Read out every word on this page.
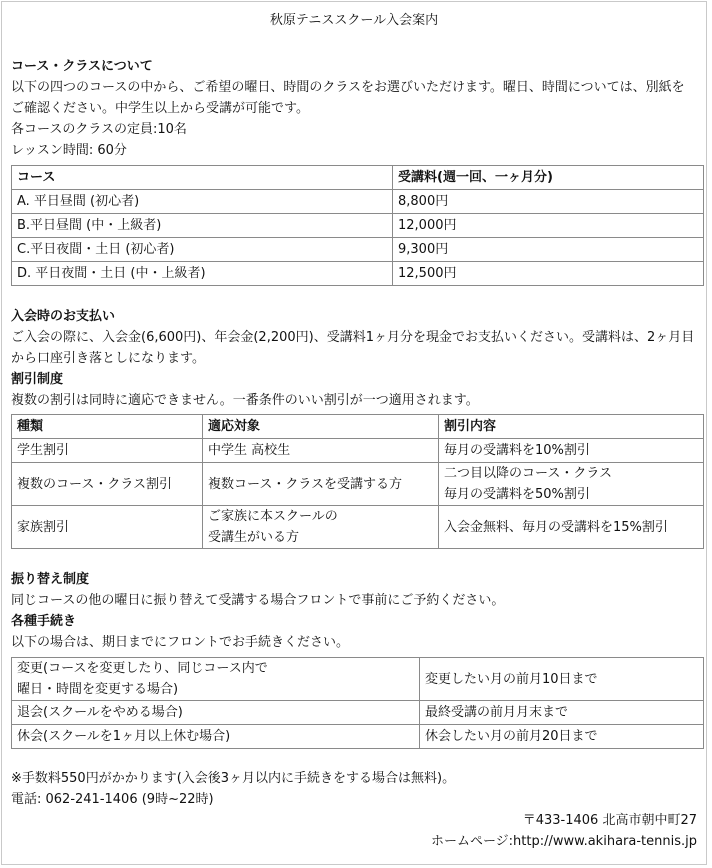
秋原テニススクール入会案内
コース・クラスについて

以下の四つのコースの中から、ご希望の曜日、時間のクラスをお選びいただけます。曜日、時間については、別紙をご確認ください。中学生以上から受講が可能です。

各コースのクラスの定員:10名

レッスン時間: 60分

コース	受講料(週一回、一ヶ月分)
A. 平日昼間 (初心者)	8,800円
B.平日昼間 (中・上級者)	12,000円
C.平日夜間・土日 (初心者)	9,300円
D. 平日夜間・土日 (中・上級者)	12,500円
入会時のお支払い

ご入会の際に、入会金(6,600円)、年会金(2,200円)、受講料1ヶ月分を現金でお支払いください。受講料は、2ヶ月目から口座引き落としになります。

割引制度

複数の割引は同時に適応できません。一番条件のいい割引が一つ適用されます。

種類	適応対象	割引内容
学生割引	中学生 高校生	毎月の受講料を10%割引
複数のコース・クラス割引	複数コース・クラスを受講する方	二つ目以降のコース・クラス
毎月の受講料を50%割引

家族割引	ご家族に本スクールの
受講生がいる方	入会金無料、毎月の受講料を15%割引
振り替え制度

同じコースの他の曜日に振り替えて受講する場合フロントで事前にご予約ください。

各種手続き

以下の場合は、期日までにフロントでお手続きください。

変更(コースを変更したり、同じコース内で
曜日・時間を変更する場合)	変更したい月の前月10日まで
退会(スクールをやめる場合)	最終受講の前月月末まで
休会(スクールを1ヶ月以上休む場合)	休会したい月の前月20日まで

※手数料550円がかかります(入会後3ヶ月以内に手続きをする場合は無料)。

電話: 062-241-1406 (9時~22時)

〒433-1406 北高市朝中町27

ホームページ:http://www.akihara-tennis.jp
